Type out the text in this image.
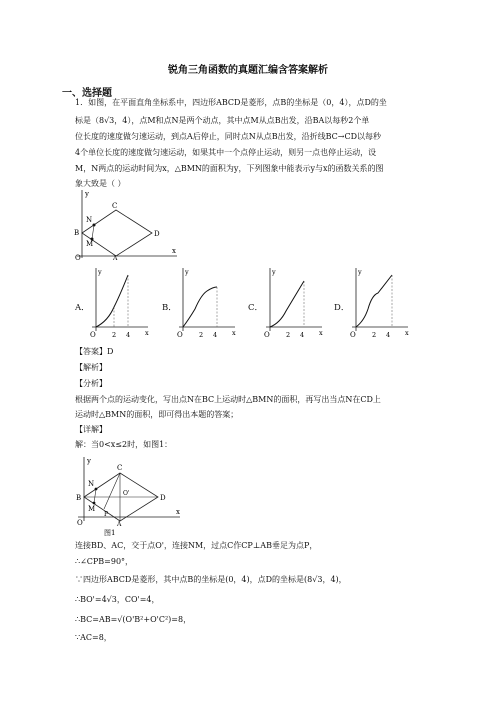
锐角三角函数的真题汇编含答案解析
一、选择题
1．如图，在平面直角坐标系中，四边形ABCD是菱形，点B的坐标是（0，4），点D的坐
标是（8√3，4），点M和点N是两个动点，其中点M从点B出发，沿BA以每秒2个单
位长度的速度做匀速运动，到点A后停止，同时点N从点B出发，沿折线BC→CD以每秒
4个单位长度的速度做匀速运动，如果其中一个点停止运动，则另一点也停止运动，设
M，N两点的运动时间为x，△BMN的面积为y，下列图象中能表示y与x的函数关系的图
象大致是（ ）
y
x
O	A
B
C
D
N
M
A．	B．	C．	D．
y
x
O	2 4
y
x
O	2 4
y
x
O	2 4
y
x
O	2 4
【答案】D
【解析】
【分析】
根据两个点的运动变化，写出点N在BC上运动时△BMN的面积，再写出当点N在CD上
运动时△BMN的面积，即可得出本题的答案；
【详解】
解：当0<x≤2时，如图1：
y
x
O	A
B
C
D
N
M
O'
P
图1
连接BD、AC，交于点O'，连接NM，过点C作CP⊥AB垂足为点P，
∴∠CPB=90°，
∵四边形ABCD是菱形，其中点B的坐标是(0，4)，点D的坐标是(8√3，4)，
∴BO'=4√3，CO'=4，
∴BC=AB=√(O'B²+O'C²)=8，
∵AC=8，
